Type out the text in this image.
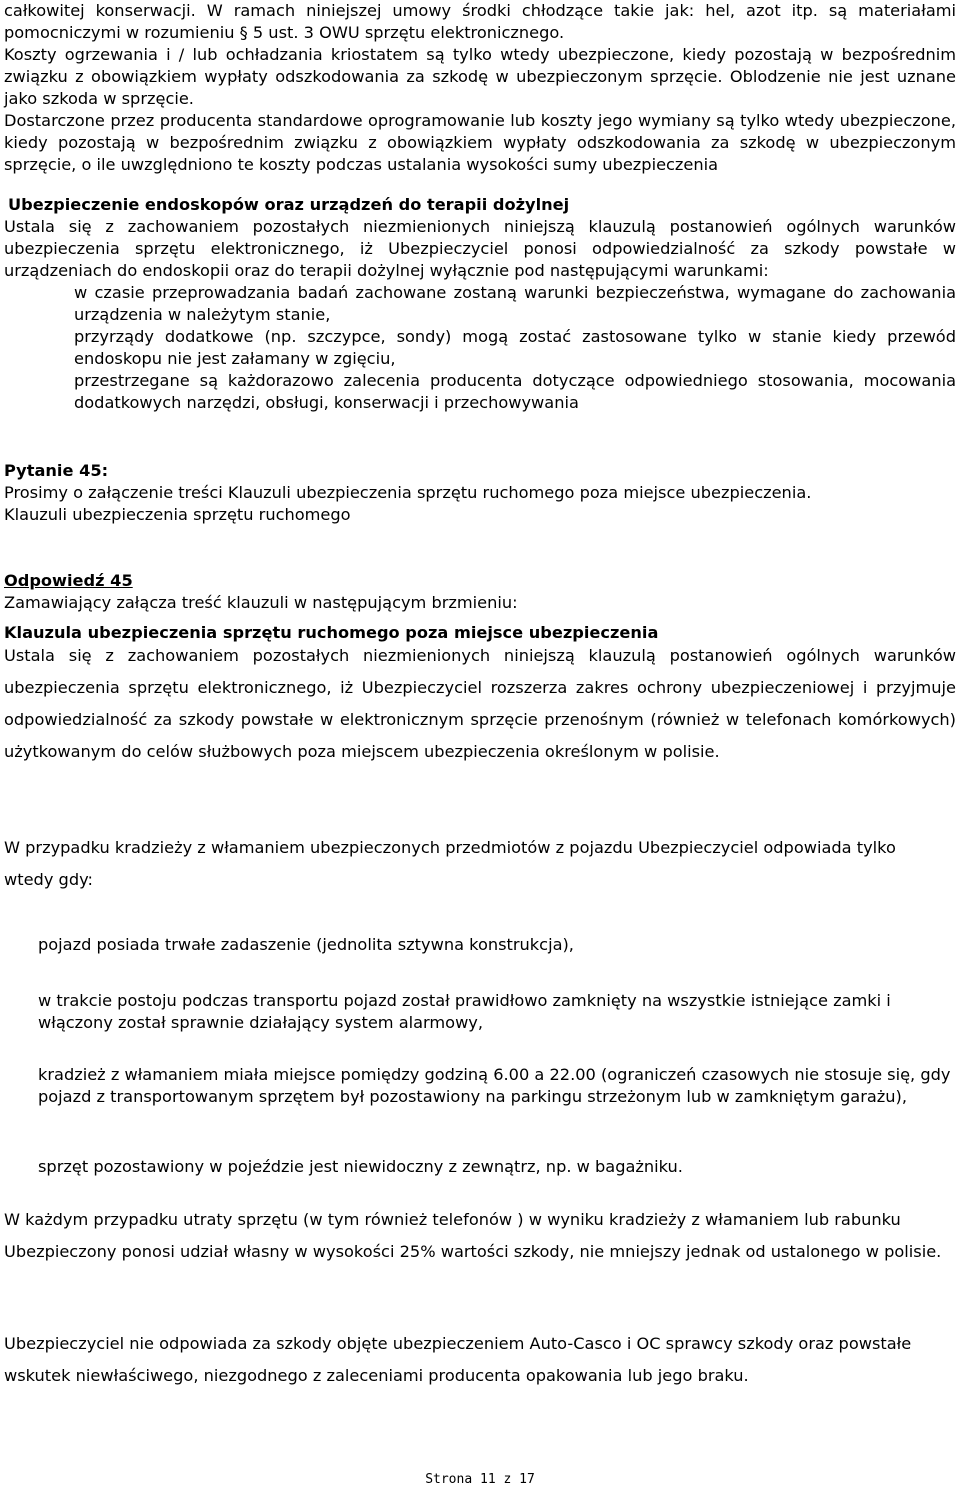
całkowitej konserwacji. W ramach niniejszej umowy środki chłodzące takie jak: hel, azot itp. są materiałami pomocniczymi w rozumieniu § 5 ust. 3 OWU sprzętu elektronicznego.

Koszty ogrzewania i / lub ochładzania kriostatem są tylko wtedy ubezpieczone, kiedy pozostają w bezpośrednim związku z obowiązkiem wypłaty odszkodowania za szkodę w ubezpieczonym sprzęcie. Oblodzenie nie jest uznane jako szkoda w sprzęcie.

Dostarczone przez producenta standardowe oprogramowanie lub koszty jego wymiany są tylko wtedy ubezpieczone, kiedy pozostają w bezpośrednim związku z obowiązkiem wypłaty odszkodowania za szkodę w ubezpieczonym sprzęcie, o ile uwzględniono te koszty podczas ustalania wysokości sumy ubezpieczenia

Ubezpieczenie endoskopów oraz urządzeń do terapii dożylnej

Ustala się z zachowaniem pozostałych niezmienionych niniejszą klauzulą postanowień ogólnych warunków ubezpieczenia sprzętu elektronicznego, iż Ubezpieczyciel ponosi odpowiedzialność za szkody powstałe w urządzeniach do endoskopii oraz do terapii dożylnej wyłącznie pod następującymi warunkami:

w czasie przeprowadzania badań zachowane zostaną warunki bezpieczeństwa, wymagane do zachowania urządzenia w należytym stanie,
przyrządy dodatkowe (np. szczypce, sondy) mogą zostać zastosowane tylko w stanie kiedy przewód endoskopu nie jest załamany w zgięciu,
przestrzegane są każdorazowo zalecenia producenta dotyczące odpowiedniego stosowania, mocowania dodatkowych narzędzi, obsługi, konserwacji i przechowywania

Pytanie 45:

Prosimy o załączenie treści Klauzuli ubezpieczenia sprzętu ruchomego poza miejsce ubezpieczenia.

Klauzuli ubezpieczenia sprzętu ruchomego

Odpowiedź 45

Zamawiający załącza treść klauzuli w następującym brzmieniu:

Klauzula ubezpieczenia sprzętu ruchomego poza miejsce ubezpieczenia

Ustala się z zachowaniem pozostałych niezmienionych niniejszą klauzulą postanowień ogólnych warunków ubezpieczenia sprzętu elektronicznego, iż Ubezpieczyciel rozszerza zakres ochrony ubezpieczeniowej i przyjmuje odpowiedzialność za szkody powstałe w elektronicznym sprzęcie przenośnym (również w telefonach komórkowych) użytkowanym do celów służbowych poza miejscem ubezpieczenia określonym w polisie.

W przypadku kradzieży z włamaniem ubezpieczonych przedmiotów z pojazdu Ubezpieczyciel odpowiada tylko wtedy gdy:

pojazd posiada trwałe zadaszenie (jednolita sztywna konstrukcja),
w trakcie postoju podczas transportu pojazd został prawidłowo zamknięty na wszystkie istniejące zamki i włączony został sprawnie działający system alarmowy,
kradzież z włamaniem miała miejsce pomiędzy godziną 6.00 a 22.00 (ograniczeń czasowych nie stosuje się, gdy pojazd z transportowanym sprzętem był pozostawiony na parkingu strzeżonym lub w zamkniętym garażu),
sprzęt pozostawiony w pojeździe jest niewidoczny z zewnątrz, np. w bagażniku.

W każdym przypadku utraty sprzętu (w tym również telefonów ) w wyniku kradzieży z włamaniem lub rabunku Ubezpieczony ponosi udział własny w wysokości 25% wartości szkody, nie mniejszy jednak od ustalonego w polisie.

Ubezpieczyciel nie odpowiada za szkody objęte ubezpieczeniem Auto-Casco i OC sprawcy szkody oraz powstałe wskutek niewłaściwego, niezgodnego z zaleceniami producenta opakowania lub jego braku.

Strona 11 z 17
